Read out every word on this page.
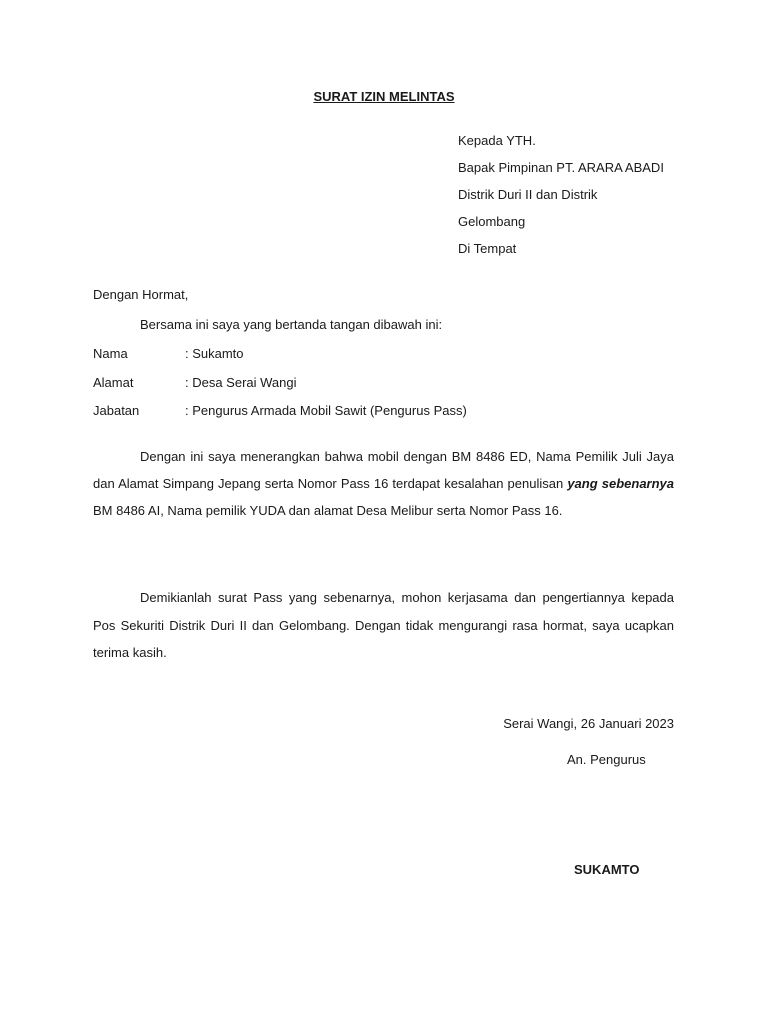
SURAT IZIN MELINTAS
Kepada YTH.
Bapak Pimpinan PT. ARARA ABADI
Distrik Duri II dan Distrik
Gelombang
Di Tempat
Dengan Hormat,
Bersama ini saya yang bertanda tangan dibawah ini:
Nama	: Sukamto
Alamat	: Desa Serai Wangi
Jabatan	: Pengurus Armada Mobil Sawit (Pengurus Pass)
Dengan ini saya menerangkan bahwa mobil dengan BM 8486 ED, Nama Pemilik Juli Jaya dan Alamat Simpang Jepang serta Nomor Pass 16 terdapat kesalahan penulisan yang sebenarnya BM 8486 AI, Nama pemilik YUDA dan alamat Desa Melibur serta Nomor Pass 16.
Demikianlah surat Pass yang sebenarnya, mohon kerjasama dan pengertiannya kepada Pos Sekuriti Distrik Duri II dan Gelombang. Dengan tidak mengurangi rasa hormat, saya ucapkan terima kasih.
Serai Wangi, 26 Januari 2023
An. Pengurus
SUKAMTO
